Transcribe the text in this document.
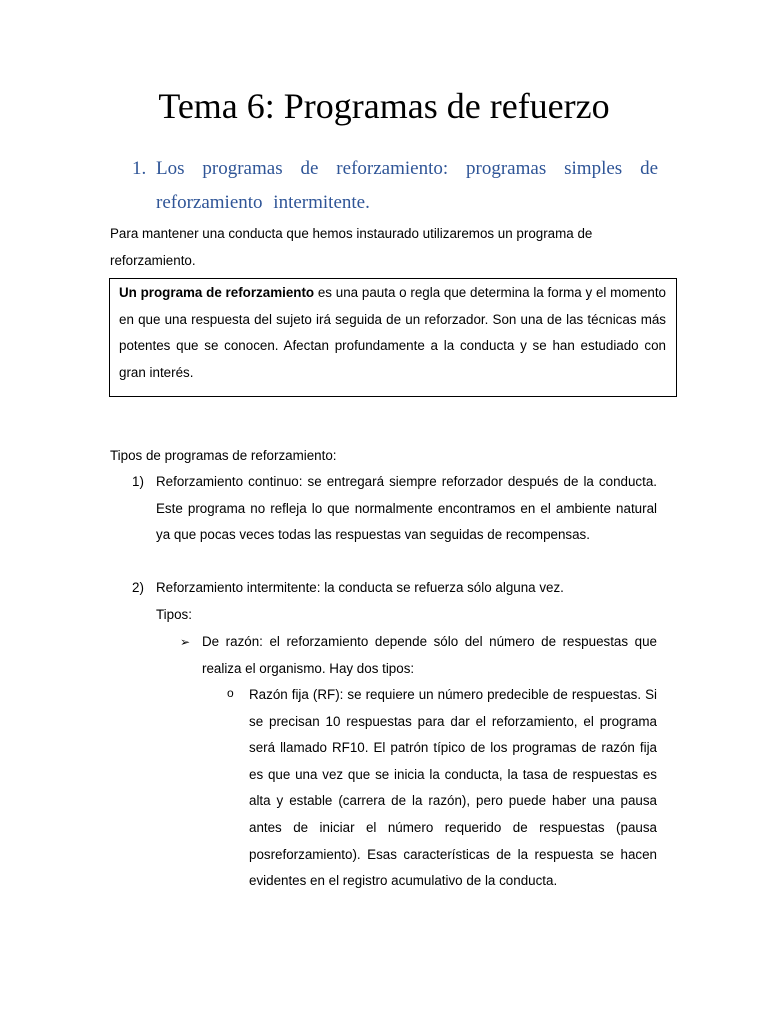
Tema 6: Programas de refuerzo
1. Los programas de reforzamiento: programas simples de reforzamiento intermitente.
Para mantener una conducta que hemos instaurado utilizaremos un programa de reforzamiento.
Un programa de reforzamiento es una pauta o regla que determina la forma y el momento en que una respuesta del sujeto irá seguida de un reforzador. Son una de las técnicas más potentes que se conocen. Afectan profundamente a la conducta y se han estudiado con gran interés.
Tipos de programas de reforzamiento:
1) Reforzamiento continuo: se entregará siempre reforzador después de la conducta. Este programa no refleja lo que normalmente encontramos en el ambiente natural ya que pocas veces todas las respuestas van seguidas de recompensas.
2) Reforzamiento intermitente: la conducta se refuerza sólo alguna vez.
Tipos:
➢ De razón: el reforzamiento depende sólo del número de respuestas que realiza el organismo. Hay dos tipos:
o Razón fija (RF): se requiere un número predecible de respuestas. Si se precisan 10 respuestas para dar el reforzamiento, el programa será llamado RF10. El patrón típico de los programas de razón fija es que una vez que se inicia la conducta, la tasa de respuestas es alta y estable (carrera de la razón), pero puede haber una pausa antes de iniciar el número requerido de respuestas (pausa posreforzamiento). Esas características de la respuesta se hacen evidentes en el registro acumulativo de la conducta.
